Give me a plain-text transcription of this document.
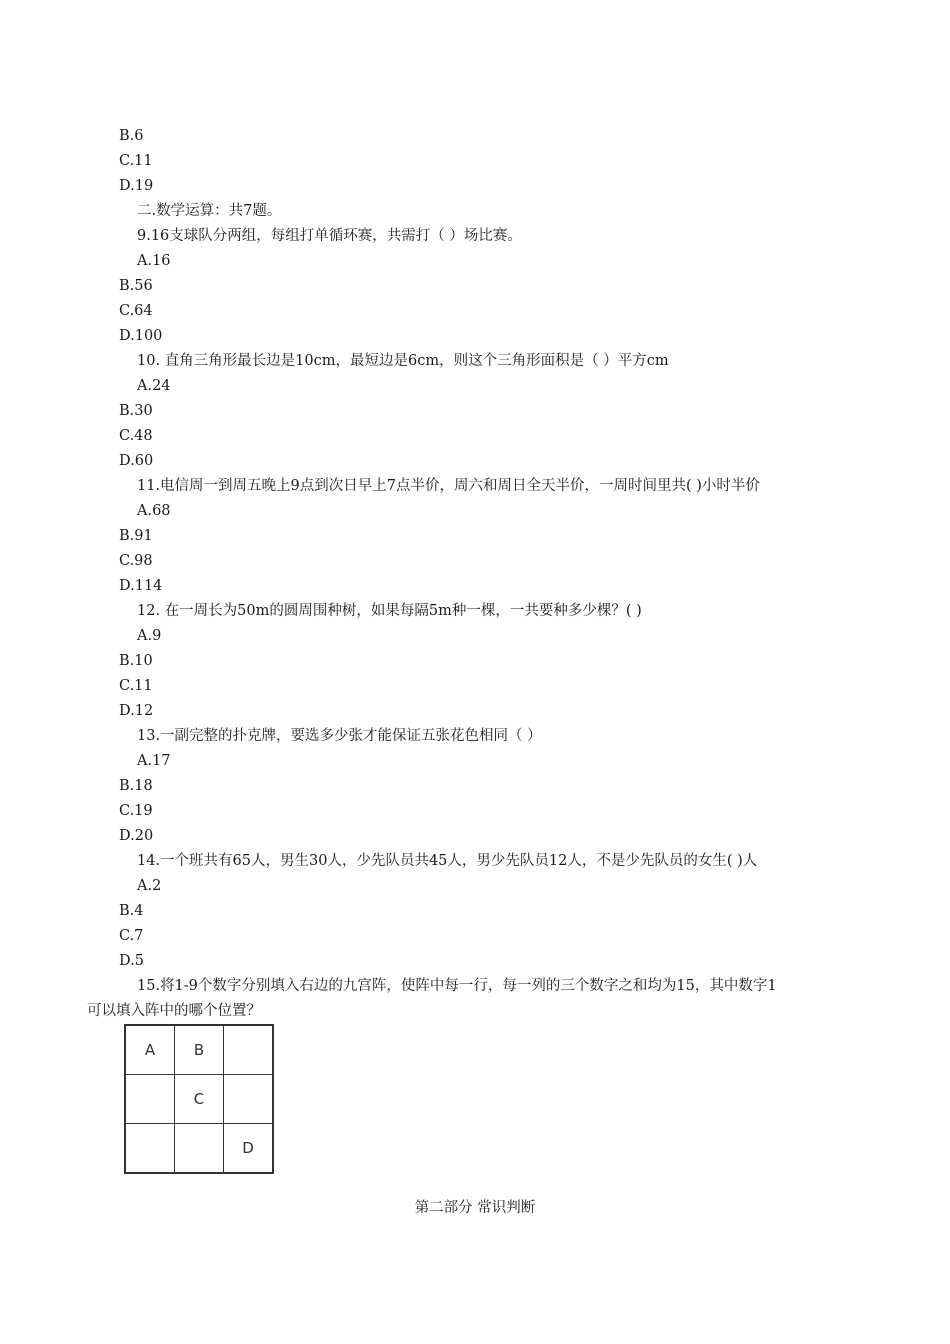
B.6
C.11
D.19
二.数学运算：共7题。
9.16支球队分两组，每组打单循环赛，共需打（ ）场比赛。
A.16
B.56
C.64
D.100
10. 直角三角形最长边是10cm，最短边是6cm，则这个三角形面积是（ ）平方cm
A.24
B.30
C.48
D.60
11.电信周一到周五晚上9点到次日早上7点半价，周六和周日全天半价，一周时间里共( )小时半价
A.68
B.91
C.98
D.114
12. 在一周长为50m的圆周围种树，如果每隔5m种一棵，一共要种多少棵？( )
A.9
B.10
C.11
D.12
13.一副完整的扑克牌，要选多少张才能保证五张花色相同（ ）
A.17
B.18
C.19
D.20
14.一个班共有65人，男生30人，少先队员共45人，男少先队员12人，不是少先队员的女生( )人
A.2
B.4
C.7
D.5
15.将1-9个数字分别填入右边的九宫阵，使阵中每一行，每一列的三个数字之和均为15，其中数字1
可以填入阵中的哪个位置？
A	B	
	C	
		D
第二部分 常识判断
